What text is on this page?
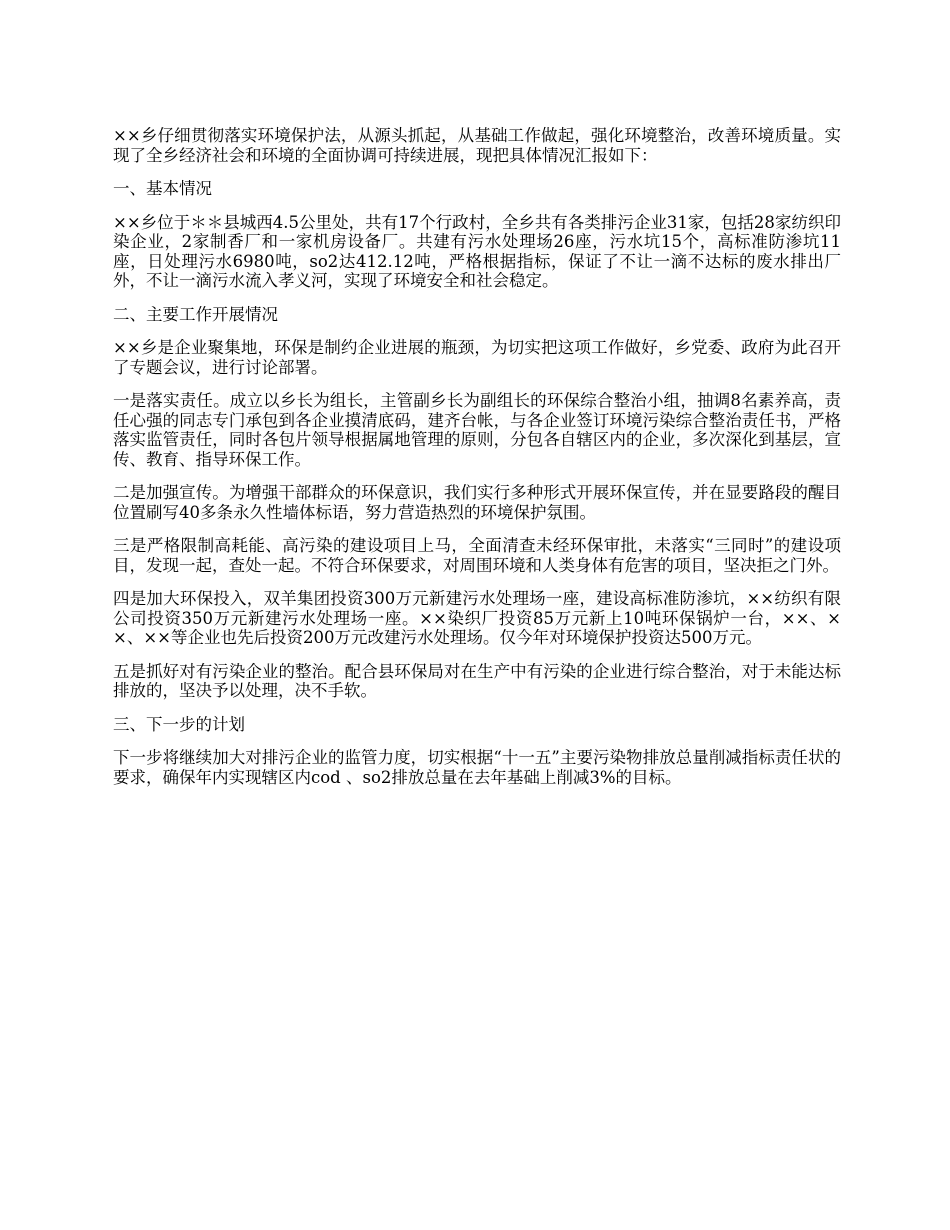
××乡仔细贯彻落实环境保护法，从源头抓起，从基础工作做起，强化环境整治，改善环境质量。实现了全乡经济社会和环境的全面协调可持续进展，现把具体情况汇报如下：

一、基本情况

××乡位于＊＊县城西4.5公里处，共有17个行政村，全乡共有各类排污企业31家，包括28家纺织印染企业，2家制香厂和一家机房设备厂。共建有污水处理场26座，污水坑15个，高标准防渗坑11座，日处理污水6980吨，so2达412.12吨，严格根据指标，保证了不让一滴不达标的废水排出厂外，不让一滴污水流入孝义河，实现了环境安全和社会稳定。

二、主要工作开展情况

××乡是企业聚集地，环保是制约企业进展的瓶颈，为切实把这项工作做好，乡党委、政府为此召开了专题会议，进行讨论部署。

一是落实责任。成立以乡长为组长，主管副乡长为副组长的环保综合整治小组，抽调8名素养高，责任心强的同志专门承包到各企业摸清底码，建齐台帐，与各企业签订环境污染综合整治责任书，严格落实监管责任，同时各包片领导根据属地管理的原则，分包各自辖区内的企业，多次深化到基层，宣传、教育、指导环保工作。

二是加强宣传。为增强干部群众的环保意识，我们实行多种形式开展环保宣传，并在显要路段的醒目位置刷写40多条永久性墙体标语，努力营造热烈的环境保护氛围。

三是严格限制高耗能、高污染的建设项目上马，全面清查未经环保审批，未落实“三同时”的建设项目，发现一起，查处一起。不符合环保要求，对周围环境和人类身体有危害的项目，坚决拒之门外。

四是加大环保投入，双羊集团投资300万元新建污水处理场一座，建设高标准防渗坑，××纺织有限公司投资350万元新建污水处理场一座。××染织厂投资85万元新上10吨环保锅炉一台，××、××、××等企业也先后投资200万元改建污水处理场。仅今年对环境保护投资达500万元。

五是抓好对有污染企业的整治。配合县环保局对在生产中有污染的企业进行综合整治，对于未能达标排放的，坚决予以处理，决不手软。

三、下一步的计划

下一步将继续加大对排污企业的监管力度，切实根据“十一五”主要污染物排放总量削减指标责任状的要求，确保年内实现辖区内cod 、so2排放总量在去年基础上削减3%的目标。
